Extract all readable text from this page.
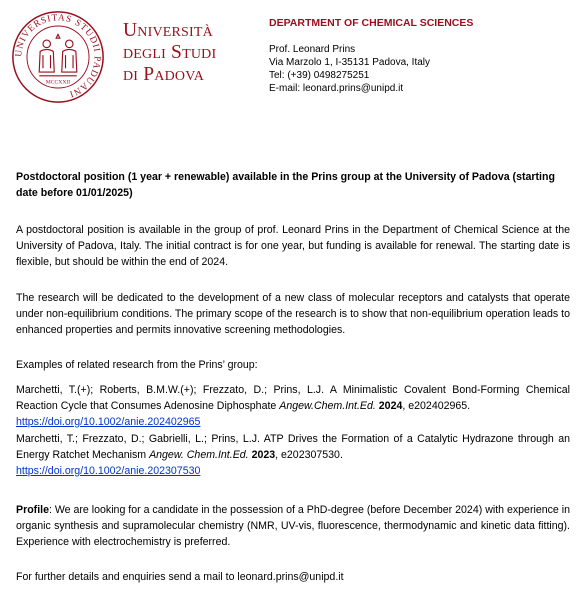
UNIVERSITAS STUDII PADUANI
MCCXXII
Università
degli Studi
di Padova
DEPARTMENT OF CHEMICAL SCIENCES
Prof. Leonard Prins
Via Marzolo 1, I-35131 Padova, Italy
Tel: (+39) 0498275251
E-mail: leonard.prins@unipd.it
Postdoctoral position (1 year + renewable) available in the Prins group at the University of Padova (starting date before 01/01/2025)
A postdoctoral position is available in the group of prof. Leonard Prins in the Department of Chemical Science at the University of Padova, Italy. The initial contract is for one year, but funding is available for renewal. The starting date is flexible, but should be within the end of 2024.
The research will be dedicated to the development of a new class of molecular receptors and catalysts that operate under non-equilibrium conditions. The primary scope of the research is to show that non-equilibrium operation leads to enhanced properties and permits innovative screening methodologies.
Examples of related research from the Prins’ group:
Marchetti, T.(+); Roberts, B.M.W.(+); Frezzato, D.; Prins, L.J. A Minimalistic Covalent Bond-Forming Chemical Reaction Cycle that Consumes Adenosine Diphosphate Angew.Chem.Int.Ed. 2024, e202402965.
https://doi.org/10.1002/anie.202402965
Marchetti, T.; Frezzato, D.; Gabrielli, L.; Prins, L.J. ATP Drives the Formation of a Catalytic Hydrazone through an Energy Ratchet Mechanism Angew. Chem.Int.Ed. 2023, e202307530.
https://doi.org/10.1002/anie.202307530
Profile: We are looking for a candidate in the possession of a PhD-degree (before December 2024) with experience in organic synthesis and supramolecular chemistry (NMR, UV-vis, fluorescence, thermodynamic and kinetic data fitting). Experience with electrochemistry is preferred.
For further details and enquiries send a mail to leonard.prins@unipd.it
